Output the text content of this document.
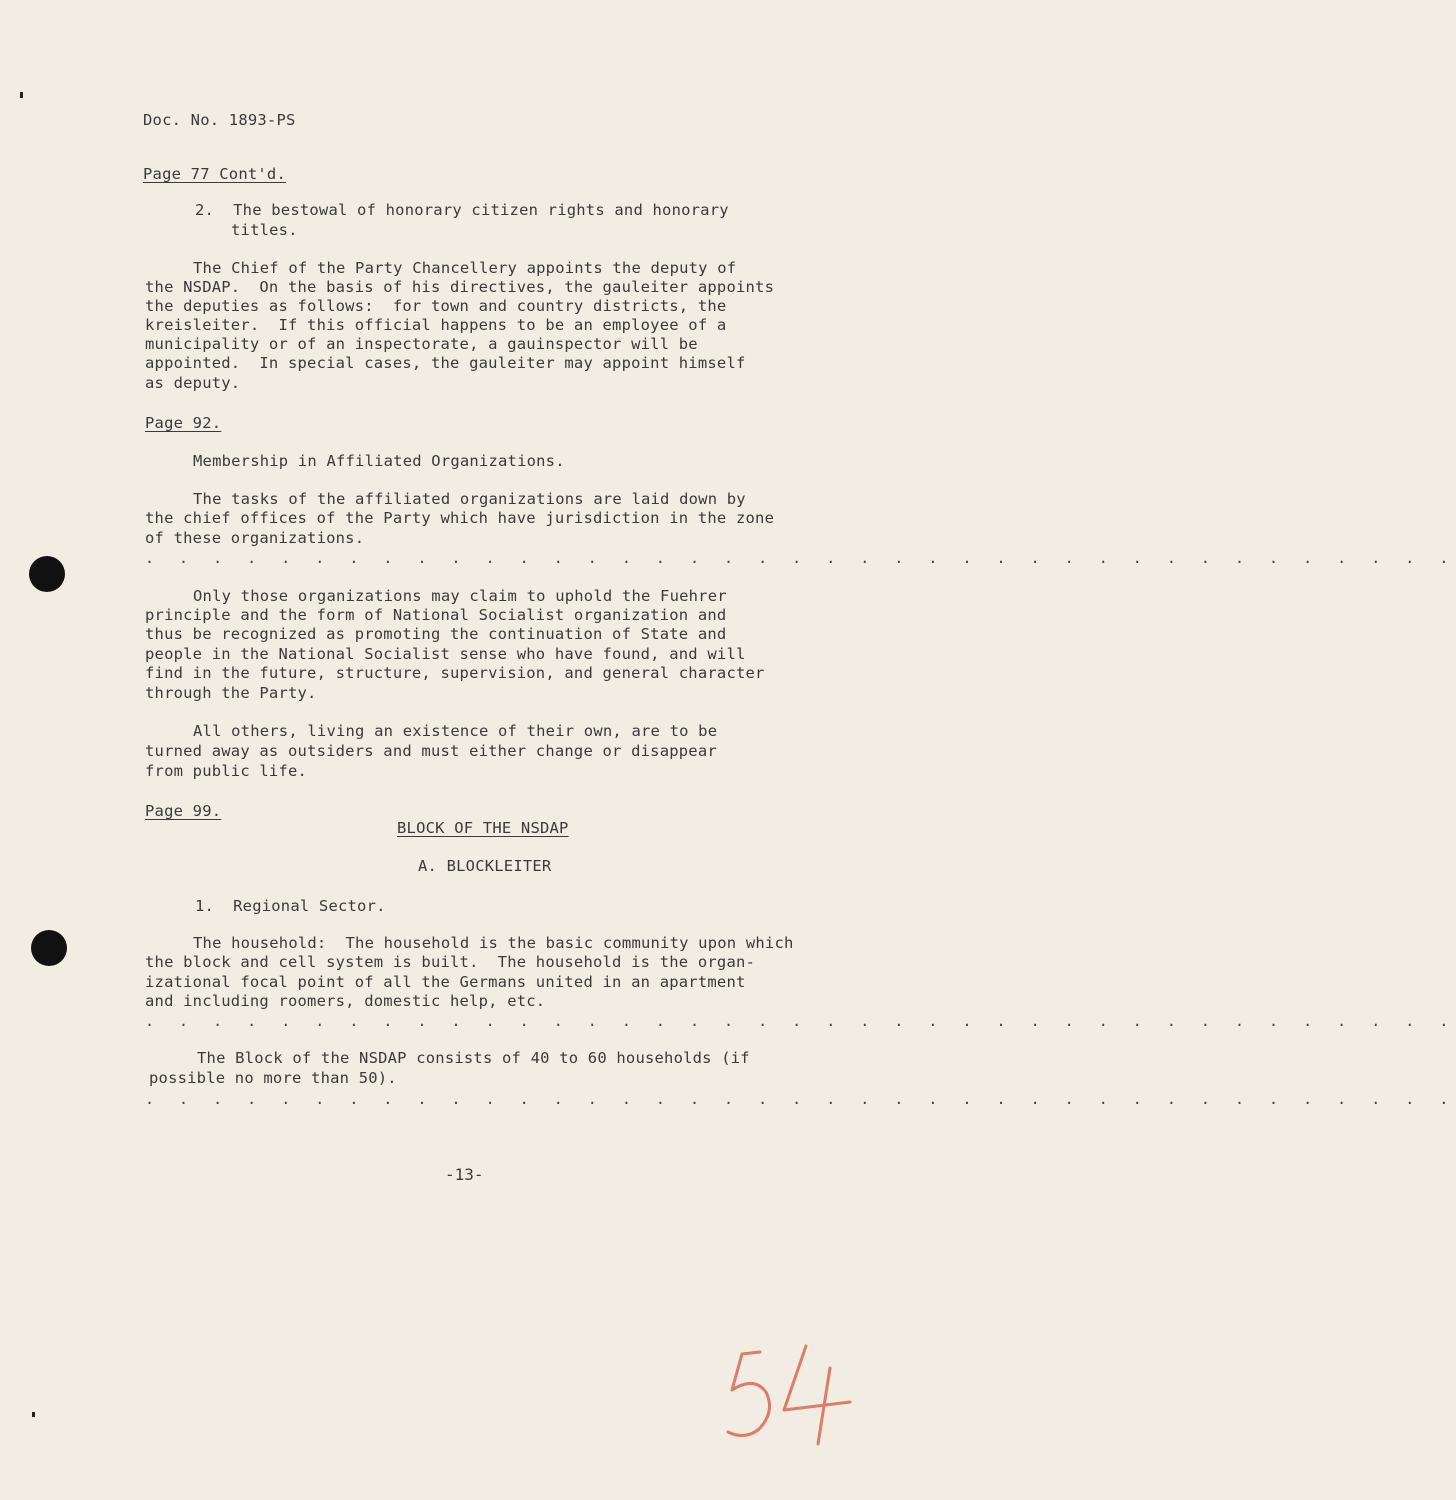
Doc. No. 1893-PS
Page 77 Cont'd.
2.  The bestowal of honorary citizen rights and honorary
titles.
The Chief of the Party Chancellery appoints the deputy of
the NSDAP.  On the basis of his directives, the gauleiter appoints
the deputies as follows:  for town and country districts, the
kreisleiter.  If this official happens to be an employee of a
municipality or of an inspectorate, a gauinspector will be
appointed.  In special cases, the gauleiter may appoint himself
as deputy.
Page 92.
Membership in Affiliated Organizations.
The tasks of the affiliated organizations are laid down by
the chief offices of the Party which have jurisdiction in the zone
of these organizations.
. . . . . . . . . . . . . . . . . . . . . . . . . . . . . . . . . . . . . . .
Only those organizations may claim to uphold the Fuehrer
principle and the form of National Socialist organization and
thus be recognized as promoting the continuation of State and
people in the National Socialist sense who have found, and will
find in the future, structure, supervision, and general character
through the Party.
All others, living an existence of their own, are to be
turned away as outsiders and must either change or disappear
from public life.
Page 99.
BLOCK OF THE NSDAP
A. BLOCKLEITER
1.  Regional Sector.
The household:  The household is the basic community upon which
the block and cell system is built.  The household is the organ-
izational focal point of all the Germans united in an apartment
and including roomers, domestic help, etc.
. . . . . . . . . . . . . . . . . . . . . . . . . . . . . . . . . . . . . . .
The Block of the NSDAP consists of 40 to 60 households (if
possible no more than 50).
. . . . . . . . . . . . . . . . . . . . . . . . . . . . . . . . . . . . . . .
-13-
